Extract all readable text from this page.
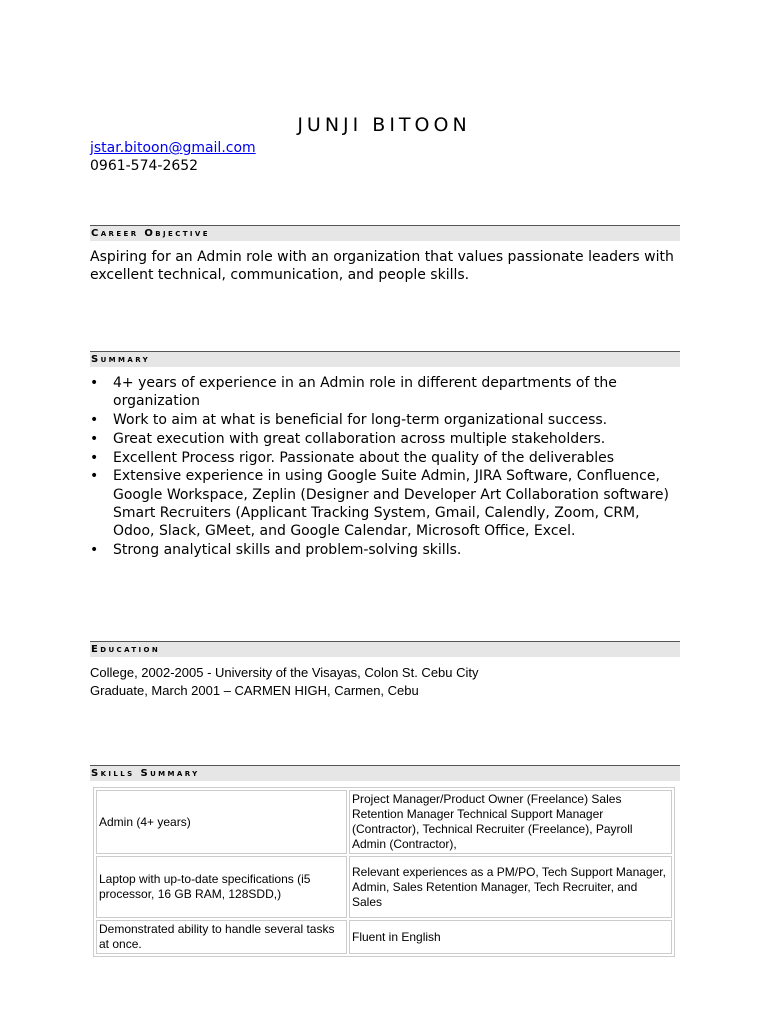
JUNJI BITOON
jstar.bitoon@gmail.com
0961-574-2652
Career Objective
Aspiring for an Admin role with an organization that values passionate leaders with excellent technical, communication, and people skills.
Summary
• 4+ years of experience in an Admin role in different departments of the organization
• Work to aim at what is beneficial for long-term organizational success.
• Great execution with great collaboration across multiple stakeholders.
• Excellent Process rigor. Passionate about the quality of the deliverables
• Extensive experience in using Google Suite Admin, JIRA Software, Confluence, Google Workspace, Zeplin (Designer and Developer Art Collaboration software) Smart Recruiters (Applicant Tracking System, Gmail, Calendly, Zoom, CRM, Odoo, Slack, GMeet, and Google Calendar, Microsoft Office, Excel.
• Strong analytical skills and problem-solving skills.
Education
College, 2002-2005 - University of the Visayas, Colon St. Cebu City
Graduate, March 2001 – CARMEN HIGH, Carmen, Cebu
Skills Summary
Admin (4+ years)	Project Manager/Product Owner (Freelance) Sales Retention Manager Technical Support Manager (Contractor), Technical Recruiter (Freelance), Payroll Admin (Contractor),
Laptop with up-to-date specifications (i5 processor, 16 GB RAM, 128SDD,)	Relevant experiences as a PM/PO, Tech Support Manager, Admin, Sales Retention Manager, Tech Recruiter, and Sales
Demonstrated ability to handle several tasks at once.	Fluent in English
